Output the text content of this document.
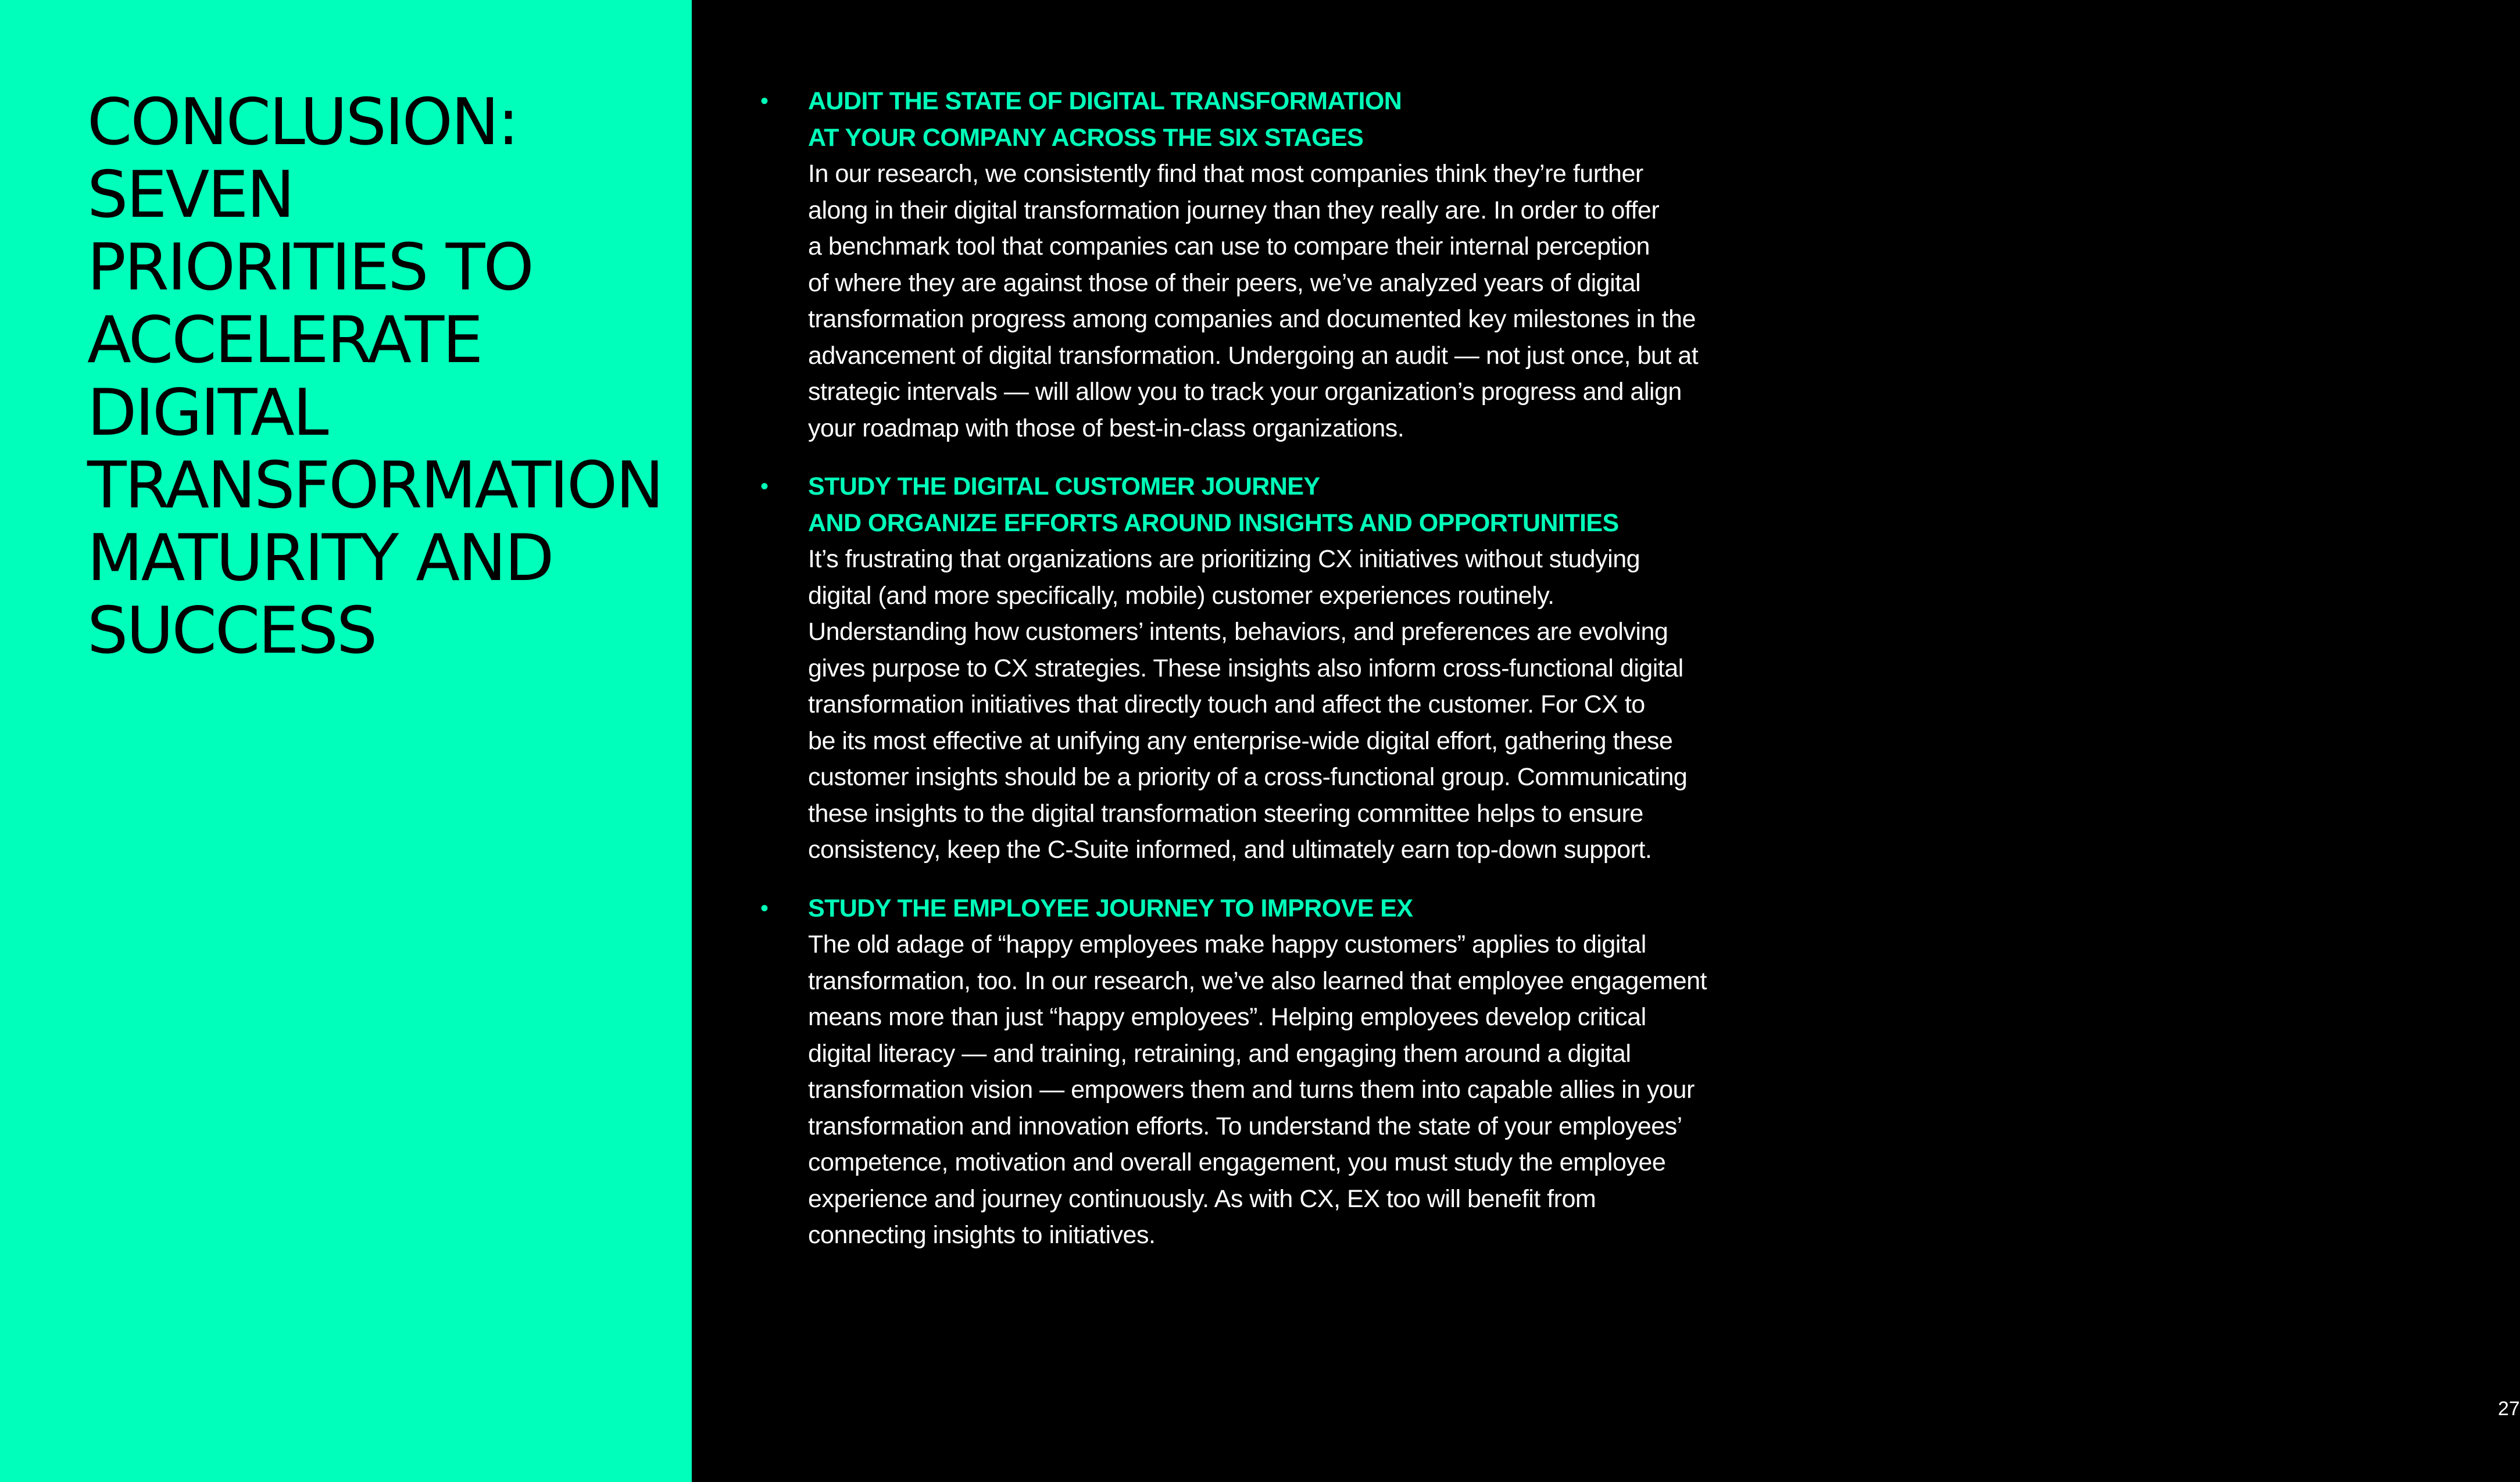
CONCLUSION:
SEVEN
PRIORITIES TO
ACCELERATE
DIGITAL
TRANSFORMATION
MATURITY AND
SUCCESS
• AUDIT THE STATE OF DIGITAL TRANSFORMATION
AT YOUR COMPANY ACROSS THE SIX STAGES
In our research, we consistently find that most companies think they’re further
along in their digital transformation journey than they really are. In order to offer
a benchmark tool that companies can use to compare their internal perception
of where they are against those of their peers, we’ve analyzed years of digital
transformation progress among companies and documented key milestones in the
advancement of digital transformation. Undergoing an audit — not just once, but at
strategic intervals — will allow you to track your organization’s progress and align
your roadmap with those of best-in-class organizations.
• STUDY THE DIGITAL CUSTOMER JOURNEY
AND ORGANIZE EFFORTS AROUND INSIGHTS AND OPPORTUNITIES
It’s frustrating that organizations are prioritizing CX initiatives without studying
digital (and more specifically, mobile) customer experiences routinely.
Understanding how customers’ intents, behaviors, and preferences are evolving
gives purpose to CX strategies. These insights also inform cross-functional digital
transformation initiatives that directly touch and affect the customer. For CX to
be its most effective at unifying any enterprise-wide digital effort, gathering these
customer insights should be a priority of a cross-functional group. Communicating
these insights to the digital transformation steering committee helps to ensure
consistency, keep the C-Suite informed, and ultimately earn top-down support.
• STUDY THE EMPLOYEE JOURNEY TO IMPROVE EX
The old adage of “happy employees make happy customers” applies to digital
transformation, too. In our research, we’ve also learned that employee engagement
means more than just “happy employees”. Helping employees develop critical
digital literacy — and training, retraining, and engaging them around a digital
transformation vision — empowers them and turns them into capable allies in your
transformation and innovation efforts. To understand the state of your employees’
competence, motivation and overall engagement, you must study the employee
experience and journey continuously. As with CX, EX too will benefit from
connecting insights to initiatives.
27
